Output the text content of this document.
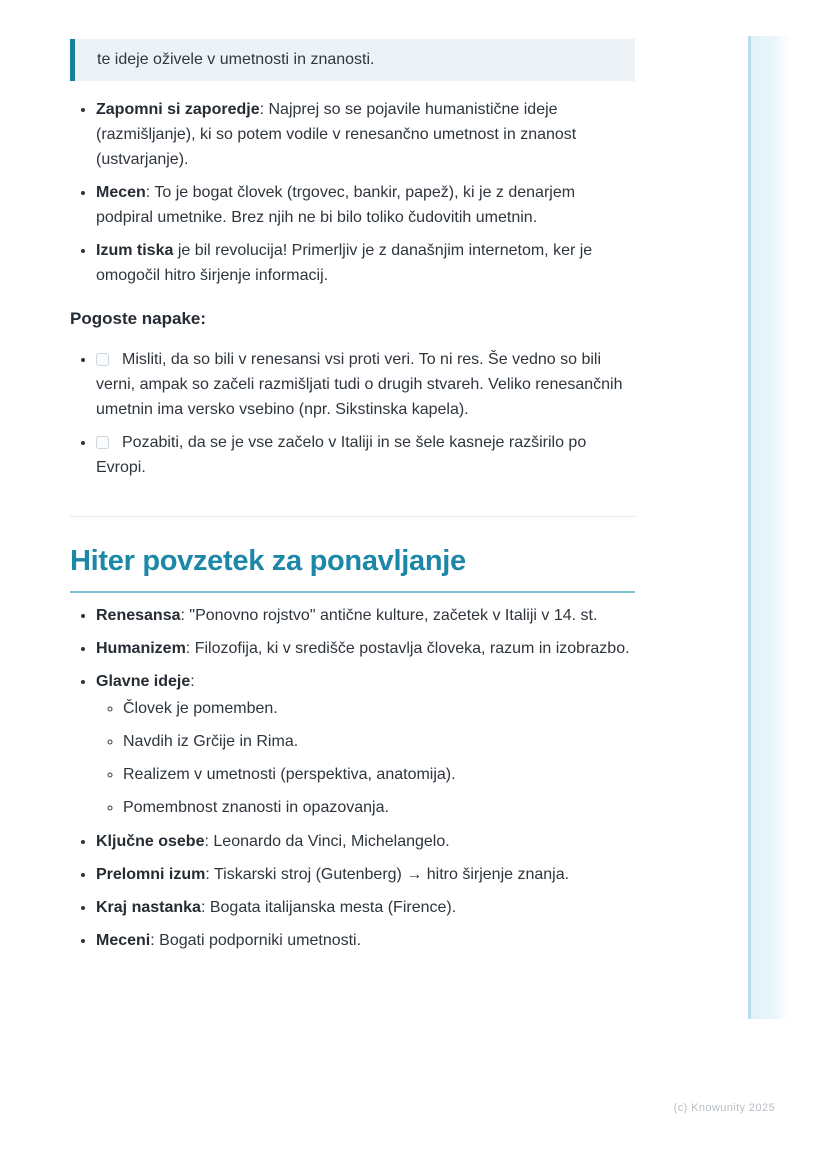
te ideje oživele v umetnosti in znanosti.
• Zapomni si zaporedje: Najprej so se pojavile humanistične ideje (razmišljanje), ki so potem vodile v renesančno umetnost in znanost (ustvarjanje).
• Mecen: To je bogat človek (trgovec, bankir, papež), ki je z denarjem podpiral umetnike. Brez njih ne bi bilo toliko čudovitih umetnin.
• Izum tiska je bil revolucija! Primerljiv je z današnjim internetom, ker je omogočil hitro širjenje informacij.

Pogoste napake:

• Misliti, da so bili v renesansi vsi proti veri. To ni res. Še vedno so bili verni, ampak so začeli razmišljati tudi o drugih stvareh. Veliko renesančnih umetnin ima versko vsebino (npr. Sikstinska kapela).
• Pozabiti, da se je vse začelo v Italiji in se šele kasneje razširilo po Evropi.
Hiter povzetek za ponavljanje
• Renesansa: "Ponovno rojstvo" antične kulture, začetek v Italiji v 14. st.
• Humanizem: Filozofija, ki v središče postavlja človeka, razum in izobrazbo.
• Glavne ideje:
◦ Človek je pomemben.
◦ Navdih iz Grčije in Rima.
◦ Realizem v umetnosti (perspektiva, anatomija).
◦ Pomembnost znanosti in opazovanja.
• Ključne osebe: Leonardo da Vinci, Michelangelo.
• Prelomni izum: Tiskarski stroj (Gutenberg) → hitro širjenje znanja.
• Kraj nastanka: Bogata italijanska mesta (Firence).
• Meceni: Bogati podporniki umetnosti.
(c) Knowunity 2025
